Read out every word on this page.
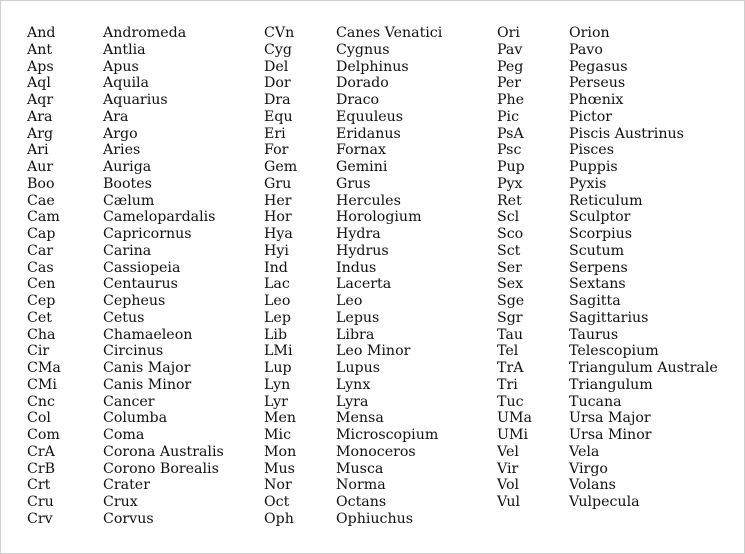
And	Andromeda
Ant	Antlia
Aps	Apus
Aql	Aquila
Aqr	Aquarius
Ara	Ara
Arg	Argo
Ari	Aries
Aur	Auriga
Boo	Bootes
Cae	Cælum
Cam	Camelopardalis
Cap	Capricornus
Car	Carina
Cas	Cassiopeia
Cen	Centaurus
Cep	Cepheus
Cet	Cetus
Cha	Chamaeleon
Cir	Circinus
CMa	Canis Major
CMi	Canis Minor
Cnc	Cancer
Col	Columba
Com	Coma
CrA	Corona Australis
CrB	Corono Borealis
Crt	Crater
Cru	Crux
Crv	Corvus
CVn	Canes Venatici
Cyg	Cygnus
Del	Delphinus
Dor	Dorado
Dra	Draco
Equ	Equuleus
Eri	Eridanus
For	Fornax
Gem	Gemini
Gru	Grus
Her	Hercules
Hor	Horologium
Hya	Hydra
Hyi	Hydrus
Ind	Indus
Lac	Lacerta
Leo	Leo
Lep	Lepus
Lib	Libra
LMi	Leo Minor
Lup	Lupus
Lyn	Lynx
Lyr	Lyra
Men	Mensa
Mic	Microscopium
Mon	Monoceros
Mus	Musca
Nor	Norma
Oct	Octans
Oph	Ophiuchus
Ori	Orion
Pav	Pavo
Peg	Pegasus
Per	Perseus
Phe	Phœnix
Pic	Pictor
PsA	Piscis Austrinus
Psc	Pisces
Pup	Puppis
Pyx	Pyxis
Ret	Reticulum
Scl	Sculptor
Sco	Scorpius
Sct	Scutum
Ser	Serpens
Sex	Sextans
Sge	Sagitta
Sgr	Sagittarius
Tau	Taurus
Tel	Telescopium
TrA	Triangulum Australe
Tri	Triangulum
Tuc	Tucana
UMa	Ursa Major
UMi	Ursa Minor
Vel	Vela
Vir	Virgo
Vol	Volans
Vul	Vulpecula
